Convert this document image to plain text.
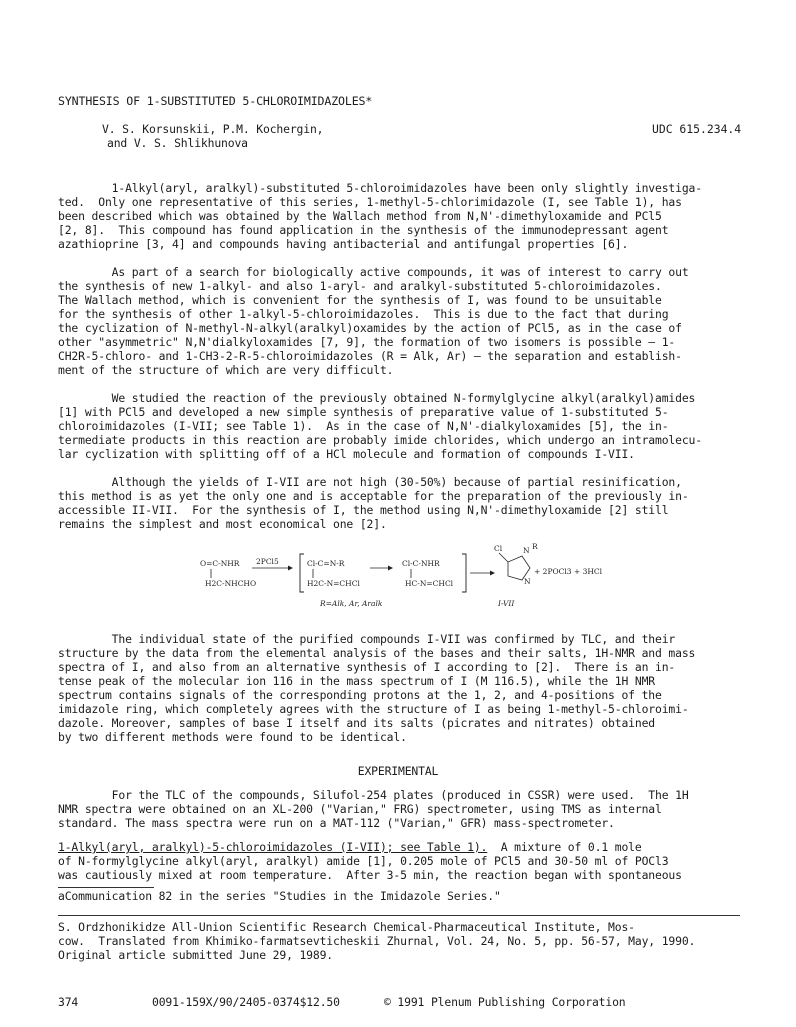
SYNTHESIS OF 1-SUBSTITUTED 5-CHLOROIMIDAZOLES*
V. S. Korsunskii, P.M. Kochergin,
and V. S. Shlikhunova
UDC 615.234.4
1-Alkyl(aryl, aralkyl)-substituted 5-chloroimidazoles have been only slightly investiga-
ted.  Only one representative of this series, 1-methyl-5-chlorimidazole (I, see Table 1), has
been described which was obtained by the Wallach method from N,N'-dimethyloxamide and PCl5
[2, 8].  This compound has found application in the synthesis of the immunodepressant agent
azathioprine [3, 4] and compounds having antibacterial and antifungal properties [6].
As part of a search for biologically active compounds, it was of interest to carry out
the synthesis of new 1-alkyl- and also 1-aryl- and aralkyl-substituted 5-chloroimidazoles.
The Wallach method, which is convenient for the synthesis of I, was found to be unsuitable
for the synthesis of other 1-alkyl-5-chloroimidazoles.  This is due to the fact that during
the cyclization of N-methyl-N-alkyl(aralkyl)oxamides by the action of PCl5, as in the case of
other "asymmetric" N,N'dialkyloxamides [7, 9], the formation of two isomers is possible — 1-
CH2R-5-chloro- and 1-CH3-2-R-5-chloroimidazoles (R = Alk, Ar) — the separation and establish-
ment of the structure of which are very difficult.
We studied the reaction of the previously obtained N-formylglycine alkyl(aralkyl)amides
[1] with PCl5 and developed a new simple synthesis of preparative value of 1-substituted 5-
chloroimidazoles (I-VII; see Table 1).  As in the case of N,N'-dialkyloxamides [5], the in-
termediate products in this reaction are probably imide chlorides, which undergo an intramolecu-
lar cyclization with splitting off of a HCl molecule and formation of compounds I-VII.
Although the yields of I-VII are not high (30-50%) because of partial resinification,
this method is as yet the only one and is acceptable for the preparation of the previously in-
accessible II-VII.  For the synthesis of I, the method using N,N'-dimethyloxamide [2] still
remains the simplest and most economical one [2].
O=C-NHR
H2C-NHCHO
2PCl5	Cl-C=N-R
H2C-N=CHCl
Cl-C-NHR
HC-N=CHCl
Cl	N R
N
+ 2POCl3 + 3HCl
R=Alk, Ar, Aralk	I-VII
The individual state of the purified compounds I-VII was confirmed by TLC, and their
structure by the data from the elemental analysis of the bases and their salts, 1H-NMR and mass
spectra of I, and also from an alternative synthesis of I according to [2].  There is an in-
tense peak of the molecular ion 116 in the mass spectrum of I (M 116.5), while the 1H NMR
spectrum contains signals of the corresponding protons at the 1, 2, and 4-positions of the
imidazole ring, which completely agrees with the structure of I as being 1-methyl-5-chloroimi-
dazole. Moreover, samples of base I itself and its salts (picrates and nitrates) obtained
by two different methods were found to be identical.
EXPERIMENTAL
For the TLC of the compounds, Silufol-254 plates (produced in CSSR) were used.  The 1H
NMR spectra were obtained on an XL-200 ("Varian," FRG) spectrometer, using TMS as internal
standard. The mass spectra were run on a MAT-112 ("Varian," GFR) mass-spectrometer.
1-Alkyl(aryl, aralkyl)-5-chloroimidazoles (I-VII); see Table 1).  A mixture of 0.1 mole
of N-formylglycine alkyl(aryl, aralkyl) amide [1], 0.205 mole of PCl5 and 30-50 ml of POCl3
was cautiously mixed at room temperature.  After 3-5 min, the reaction began with spontaneous
aCommunication 82 in the series "Studies in the Imidazole Series."
S. Ordzhonikidze All-Union Scientific Research Chemical-Pharmaceutical Institute, Mos-
cow.  Translated from Khimiko-farmatsevticheskii Zhurnal, Vol. 24, No. 5, pp. 56-57, May, 1990.
Original article submitted June 29, 1989.
374	0091-159X/90/2405-0374$12.50	© 1991 Plenum Publishing Corporation
